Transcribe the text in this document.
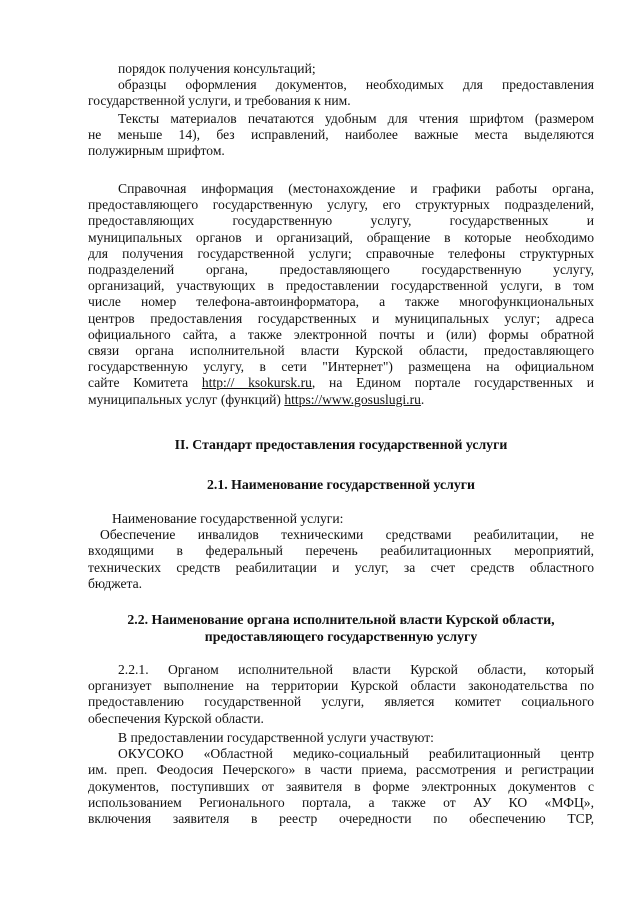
порядок получения консультаций;
образцы оформления документов, необходимых для предоставления
государственной услуги, и требования к ним.
Тексты материалов печатаются удобным для чтения шрифтом (размером
не меньше 14), без исправлений, наиболее важные места выделяются
полужирным шрифтом.
Справочная информация (местонахождение и графики работы органа,
предоставляющего государственную услугу, его структурных подразделений,
предоставляющих государственную услугу, государственных и
муниципальных органов и организаций, обращение в которые необходимо
для получения государственной услуги; справочные телефоны структурных
подразделений органа, предоставляющего государственную услугу,
организаций, участвующих в предоставлении государственной услуги, в том
числе номер телефона-автоинформатора, а также многофункциональных
центров предоставления государственных и муниципальных услуг; адреса
официального сайта, а также электронной почты и (или) формы обратной
связи органа исполнительной власти Курской области, предоставляющего
государственную услугу, в сети "Интернет") размещена на официальном
сайте Комитета http:// ksokursk.ru, на Едином портале государственных и
муниципальных услуг (функций) https://www.gosuslugi.ru.
II. Стандарт предоставления государственной услуги
2.1. Наименование государственной услуги
Наименование государственной услуги:
Обеспечение инвалидов техническими средствами реабилитации, не
входящими в федеральный перечень реабилитационных мероприятий,
технических средств реабилитации и услуг, за счет средств областного
бюджета.
2.2. Наименование органа исполнительной власти Курской области,
предоставляющего государственную услугу
2.2.1. Органом исполнительной власти Курской области, который
организует выполнение на территории Курской области законодательства по
предоставлению государственной услуги, является комитет социального
обеспечения Курской области.
В предоставлении государственной услуги участвуют:
ОКУСОКО «Областной медико-социальный реабилитационный центр
им. преп. Феодосия Печерского» в части приема, рассмотрения и регистрации
документов, поступивших от заявителя в форме электронных документов с
использованием Регионального портала, а также от АУ КО «МФЦ»,
включения заявителя в реестр очередности по обеспечению ТСР,
